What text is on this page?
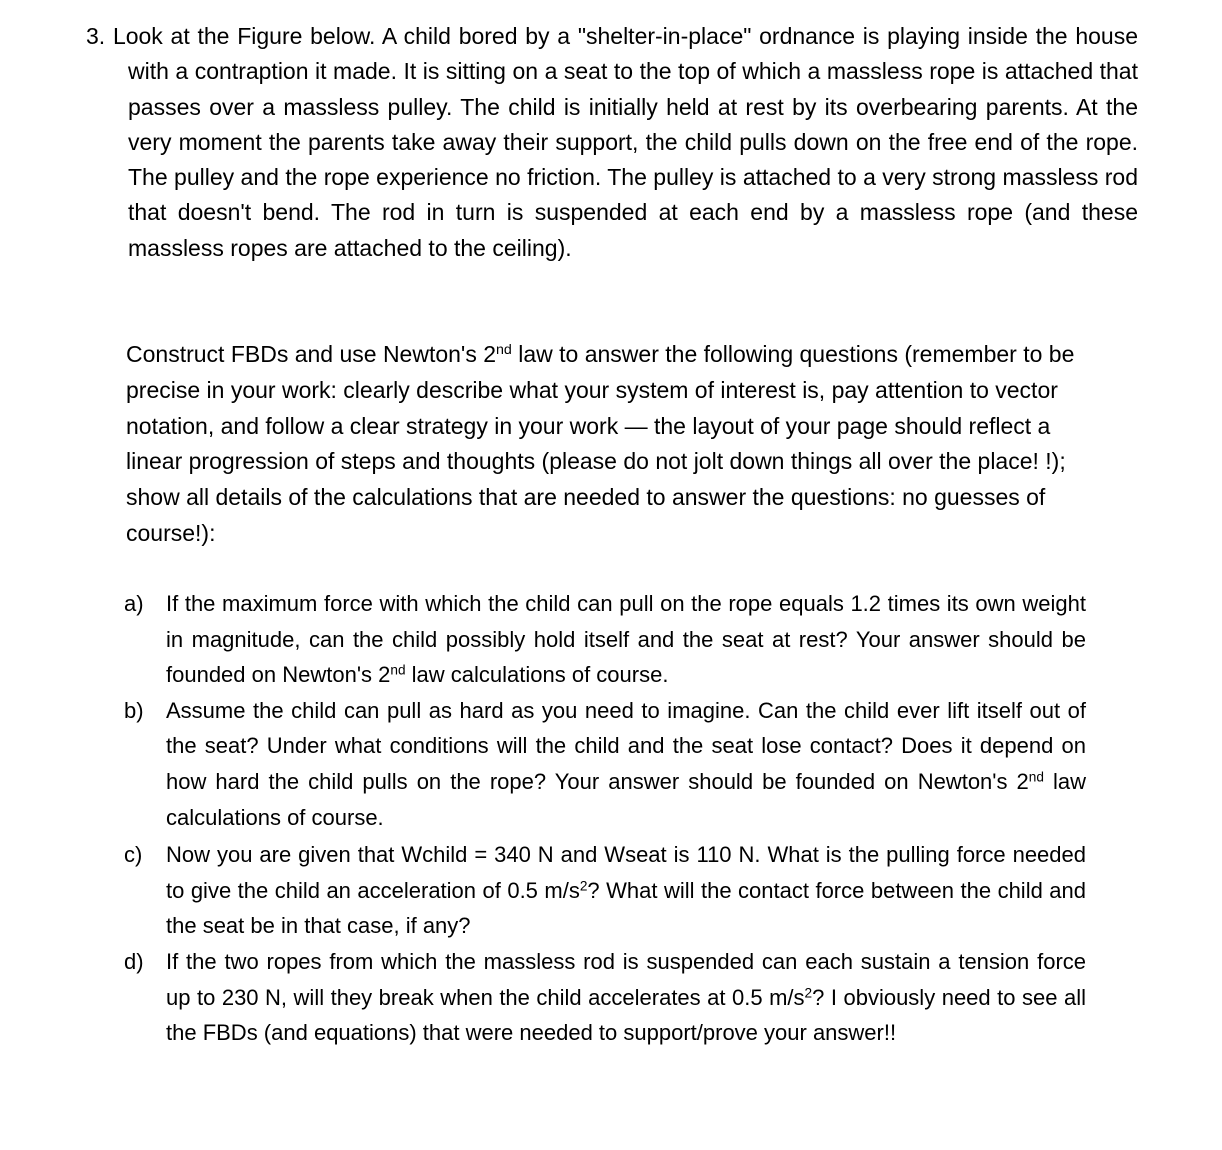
3. Look at the Figure below. A child bored by a "shelter-in-place" ordnance is playing inside the house with a contraption it made. It is sitting on a seat to the top of which a massless rope is attached that passes over a massless pulley. The child is initially held at rest by its overbearing parents. At the very moment the parents take away their support, the child pulls down on the free end of the rope. The pulley and the rope experience no friction. The pulley is attached to a very strong massless rod that doesn't bend. The rod in turn is suspended at each end by a massless rope (and these massless ropes are attached to the ceiling).

Construct FBDs and use Newton's 2nd law to answer the following questions (remember to be precise in your work: clearly describe what your system of interest is, pay attention to vector notation, and follow a clear strategy in your work — the layout of your page should reflect a linear progression of steps and thoughts (please do not jolt down things all over the place! !); show all details of the calculations that are needed to answer the questions: no guesses of course!):

a) If the maximum force with which the child can pull on the rope equals 1.2 times its own weight in magnitude, can the child possibly hold itself and the seat at rest? Your answer should be founded on Newton's 2nd law calculations of course.
b) Assume the child can pull as hard as you need to imagine. Can the child ever lift itself out of the seat? Under what conditions will the child and the seat lose contact? Does it depend on how hard the child pulls on the rope? Your answer should be founded on Newton's 2nd law calculations of course.
c) Now you are given that Wchild = 340 N and Wseat is 110 N. What is the pulling force needed to give the child an acceleration of 0.5 $m/s^2$? What will the contact force between the child and the seat be in that case, if any?
d) If the two ropes from which the massless rod is suspended can each sustain a tension force up to 230 N, will they break when the child accelerates at 0.5 $m/s^2$? I obviously need to see all the FBDs (and equations) that were needed to support/prove your answer!!
